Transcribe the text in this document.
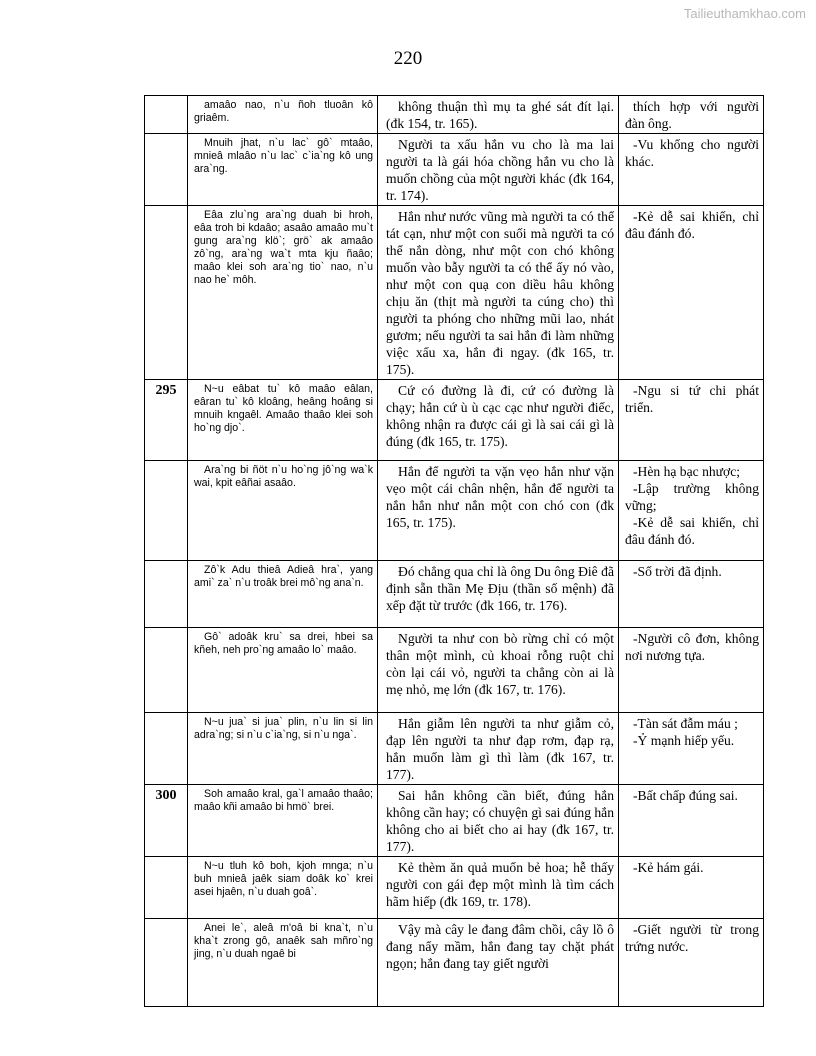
Tailieuthamkhao.com
220
	amaâo nao, n`u ñoh tluoân kô griaêm.	không thuận thì mụ ta ghé sát đít lại. (đk 154, tr. 165).	thích hợp với người đàn ông.

	Mnuih jhat, n`u lac` gô` mtaâo, mnieâ mlaâo n`u lac` c`ia`ng kô ung ara`ng.	Người ta xấu hắn vu cho là ma lai người ta là gái hóa chồng hắn vu cho là muốn chồng của một người khác (đk 164, tr. 174).	-Vu khống cho người khác.

	Eâa zlu`ng ara`ng duah bi hroh, eâa troh bi kdaâo; asaâo amaâo mu`t gung ara`ng klö`; grö` ak amaâo zô`ng, ara`ng wa`t mta kju ñaâo; maâo klei soh ara`ng tio` nao, n`u nao he` môh.	Hắn như nước vũng mà người ta có thể tát cạn, như một con suối mà người ta có thể nắn dòng, như một con chó không muốn vào bẫy người ta có thể ấy nó vào, như một con quạ con diều hâu không chịu ăn (thịt mà người ta cúng cho) thì người ta phóng cho những mũi lao, nhát gươm; nếu người ta sai hắn đi làm những việc xấu xa, hắn đi ngay. (đk 165, tr. 175).	-Kẻ dễ sai khiến, chỉ đâu đánh đó.

295	N~u eâbat tu` kô maâo eâlan, eâran tu` kô kloâng, heâng hoâng si mnuih kngaêl. Amaâo thaâo klei soh ho`ng djo`.	Cứ có đường là đi, cứ có đường là chạy; hắn cứ ù ù cạc cạc như người điếc, không nhận ra được cái gì là sai cái gì là đúng (đk 165, tr. 175).	-Ngu si tứ chi phát triển.

	Ara`ng bi ñöt n`u ho`ng jô`ng wa`k wai, kpit eâñai asaâo.	Hắn để người ta vặn vẹo hắn như vặn vẹo một cái chân nhện, hắn để người ta nắn hắn như nắn một con chó con (đk 165, tr. 175).	-Hèn hạ bạc nhược;
-Lập trường không vững;
-Kẻ dễ sai khiến, chỉ đâu đánh đó.

	Zô`k Adu thieâ Adieâ hra`, yang ami` za` n`u troâk brei mô`ng ana`n.	Đó chẳng qua chỉ là ông Du ông Điê đã định sẵn thần Mẹ Địu (thần số mệnh) đã xếp đặt từ trước (đk 166, tr. 176).	-Số trời đã định.

	Gô` adoâk kru` sa drei, hbei sa kñeh, neh pro`ng amaâo lo` maâo.	Người ta như con bò rừng chỉ có một thân một mình, củ khoai rỗng ruột chỉ còn lại cái vỏ, người ta chẳng còn ai là mẹ nhỏ, mẹ lớn (đk 167, tr. 176).	-Người cô đơn, không nơi nương tựa.

	N~u jua` si jua` plin, n`u lin si lin adra`ng; si n`u c`ia`ng, si n`u nga`.	Hắn giẫm lên người ta như giẫm cỏ, đạp lên người ta như đạp rơm, đạp rạ, hắn muốn làm gì thì làm (đk 167, tr. 177).	-Tàn sát đẫm máu ;
-Ỷ mạnh hiếp yếu.

300	Soh amaâo kral, ga`l amaâo thaâo; maâo kñi amaâo bi hmö` brei.	Sai hắn không cần biết, đúng hắn không cần hay; có chuyện gì sai đúng hắn không cho ai biết cho ai hay (đk 167, tr. 177).	-Bất chấp đúng sai.

	N~u tluh kô boh, kjoh mnga; n`u buh mnieâ jaêk siam doâk ko` krei asei hjaên, n`u duah goâ`.	Kẻ thèm ăn quả muốn bẻ hoa; hễ thấy người con gái đẹp một mình là tìm cách hãm hiếp (đk 169, tr. 178).	-Kẻ hám gái.

	Anei le`, aleâ m'oâ bi kna`t, n`u kha`t zrong gô, anaêk sah mñro`ng jing, n`u duah ngaê bi	Vậy mà cây le đang đâm chồi, cây lồ ô đang nẩy mầm, hắn đang tay chặt phát ngọn; hắn đang tay giết người	-Giết người từ trong trứng nước.
